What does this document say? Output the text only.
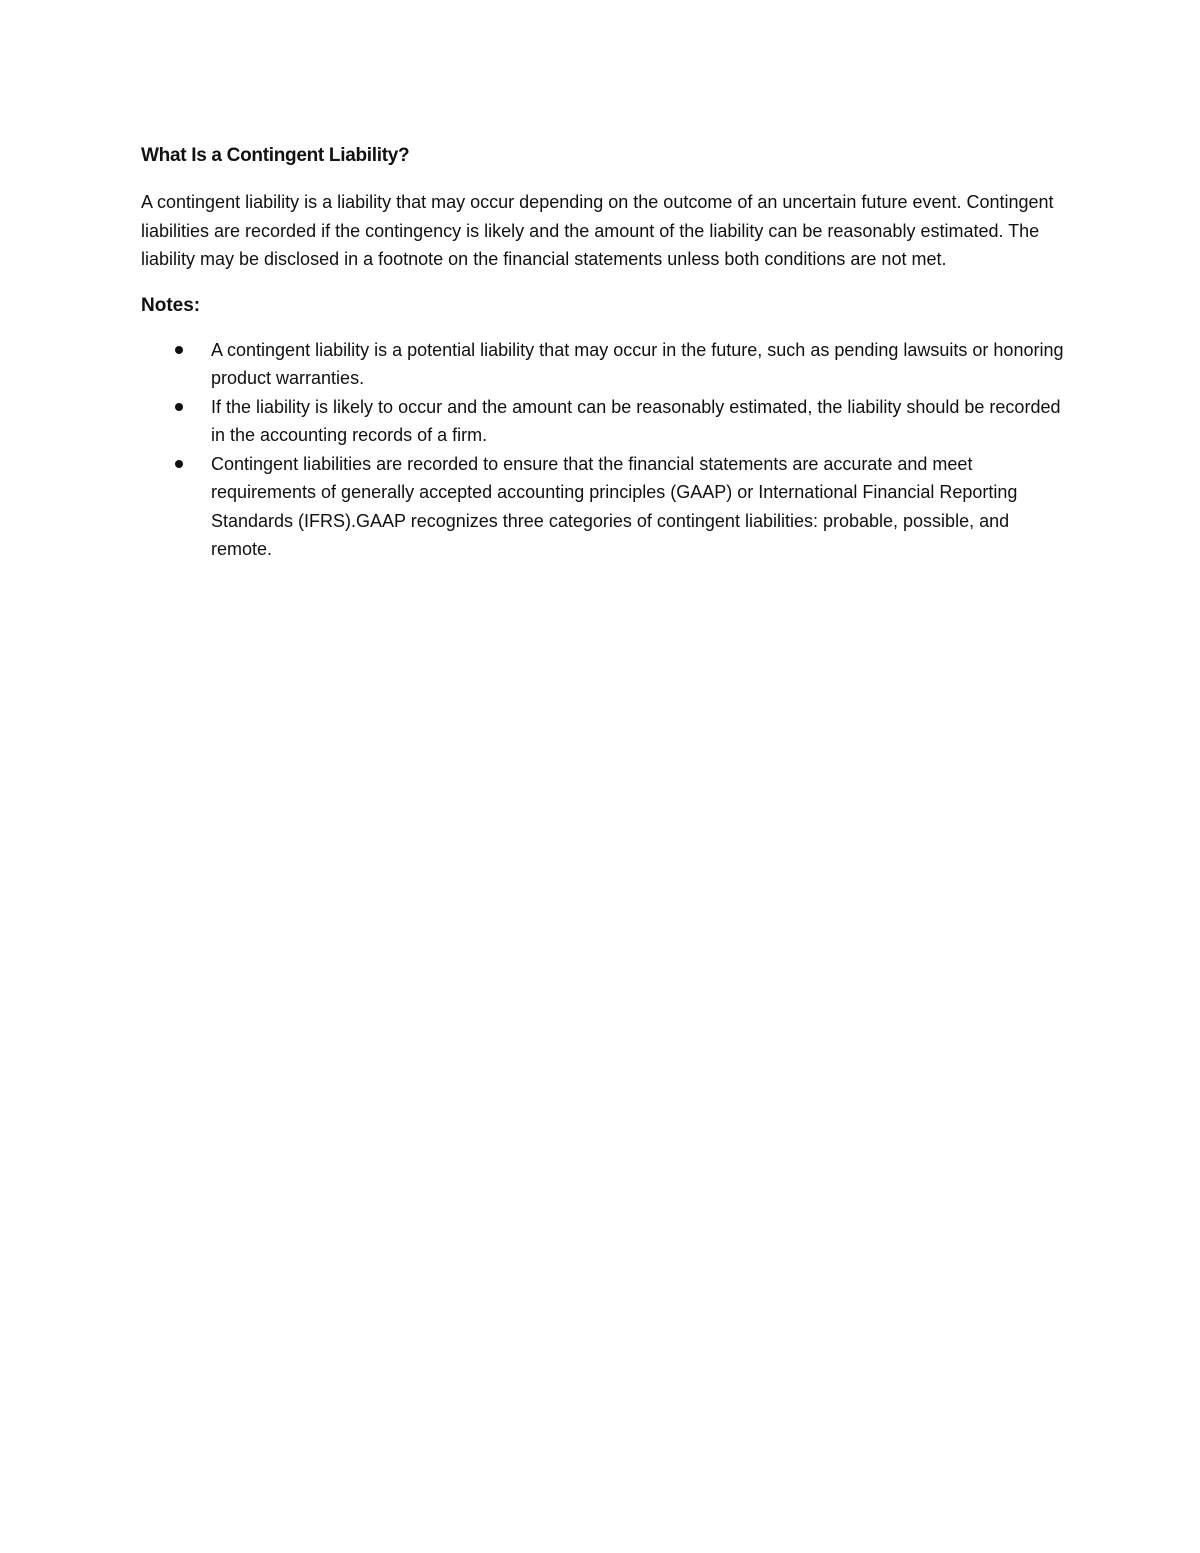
What Is a Contingent Liability?

A contingent liability is a liability that may occur depending on the outcome of an uncertain future event. Contingent liabilities are recorded if the contingency is likely and the amount of the liability can be reasonably estimated. The liability may be disclosed in a footnote on the financial statements unless both conditions are not met.

Notes:
A contingent liability is a potential liability that may occur in the future, such as pending lawsuits or honoring product warranties.
If the liability is likely to occur and the amount can be reasonably estimated, the liability should be recorded in the accounting records of a firm.
Contingent liabilities are recorded to ensure that the financial statements are accurate and meet requirements of generally accepted accounting principles (GAAP) or International Financial Reporting Standards (IFRS).GAAP recognizes three categories of contingent liabilities: probable, possible, and remote.
